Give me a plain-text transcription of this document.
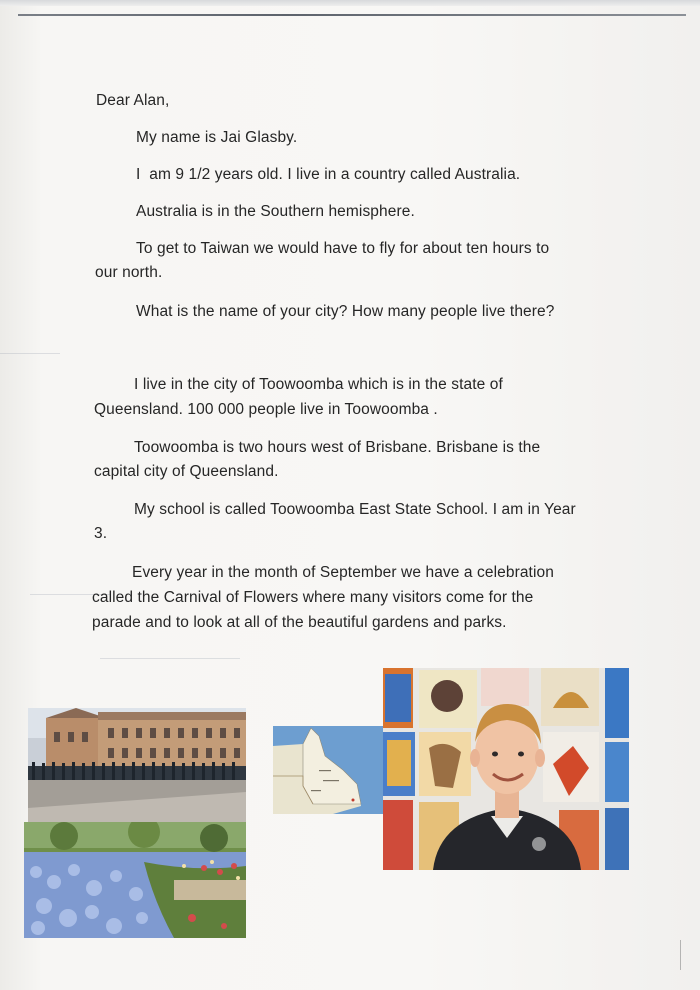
Dear Alan,

My name is Jai Glasby.

I  am 9 1/2 years old. I live in a country called Australia.

Australia is in the Southern hemisphere.

To get to Taiwan we would have to fly for about ten hours to

our north.

What is the name of your city? How many people live there?

I live in the city of Toowoomba which is in the state of

Queensland. 100 000 people live in Toowoomba .

Toowoomba is two hours west of Brisbane. Brisbane is the

capital city of Queensland.

My school is called Toowoomba East State School. I am in Year

3.

Every year in the month of September we have a celebration

called the Carnival of Flowers where many visitors come for the

parade and to look at all of the beautiful gardens and parks.
